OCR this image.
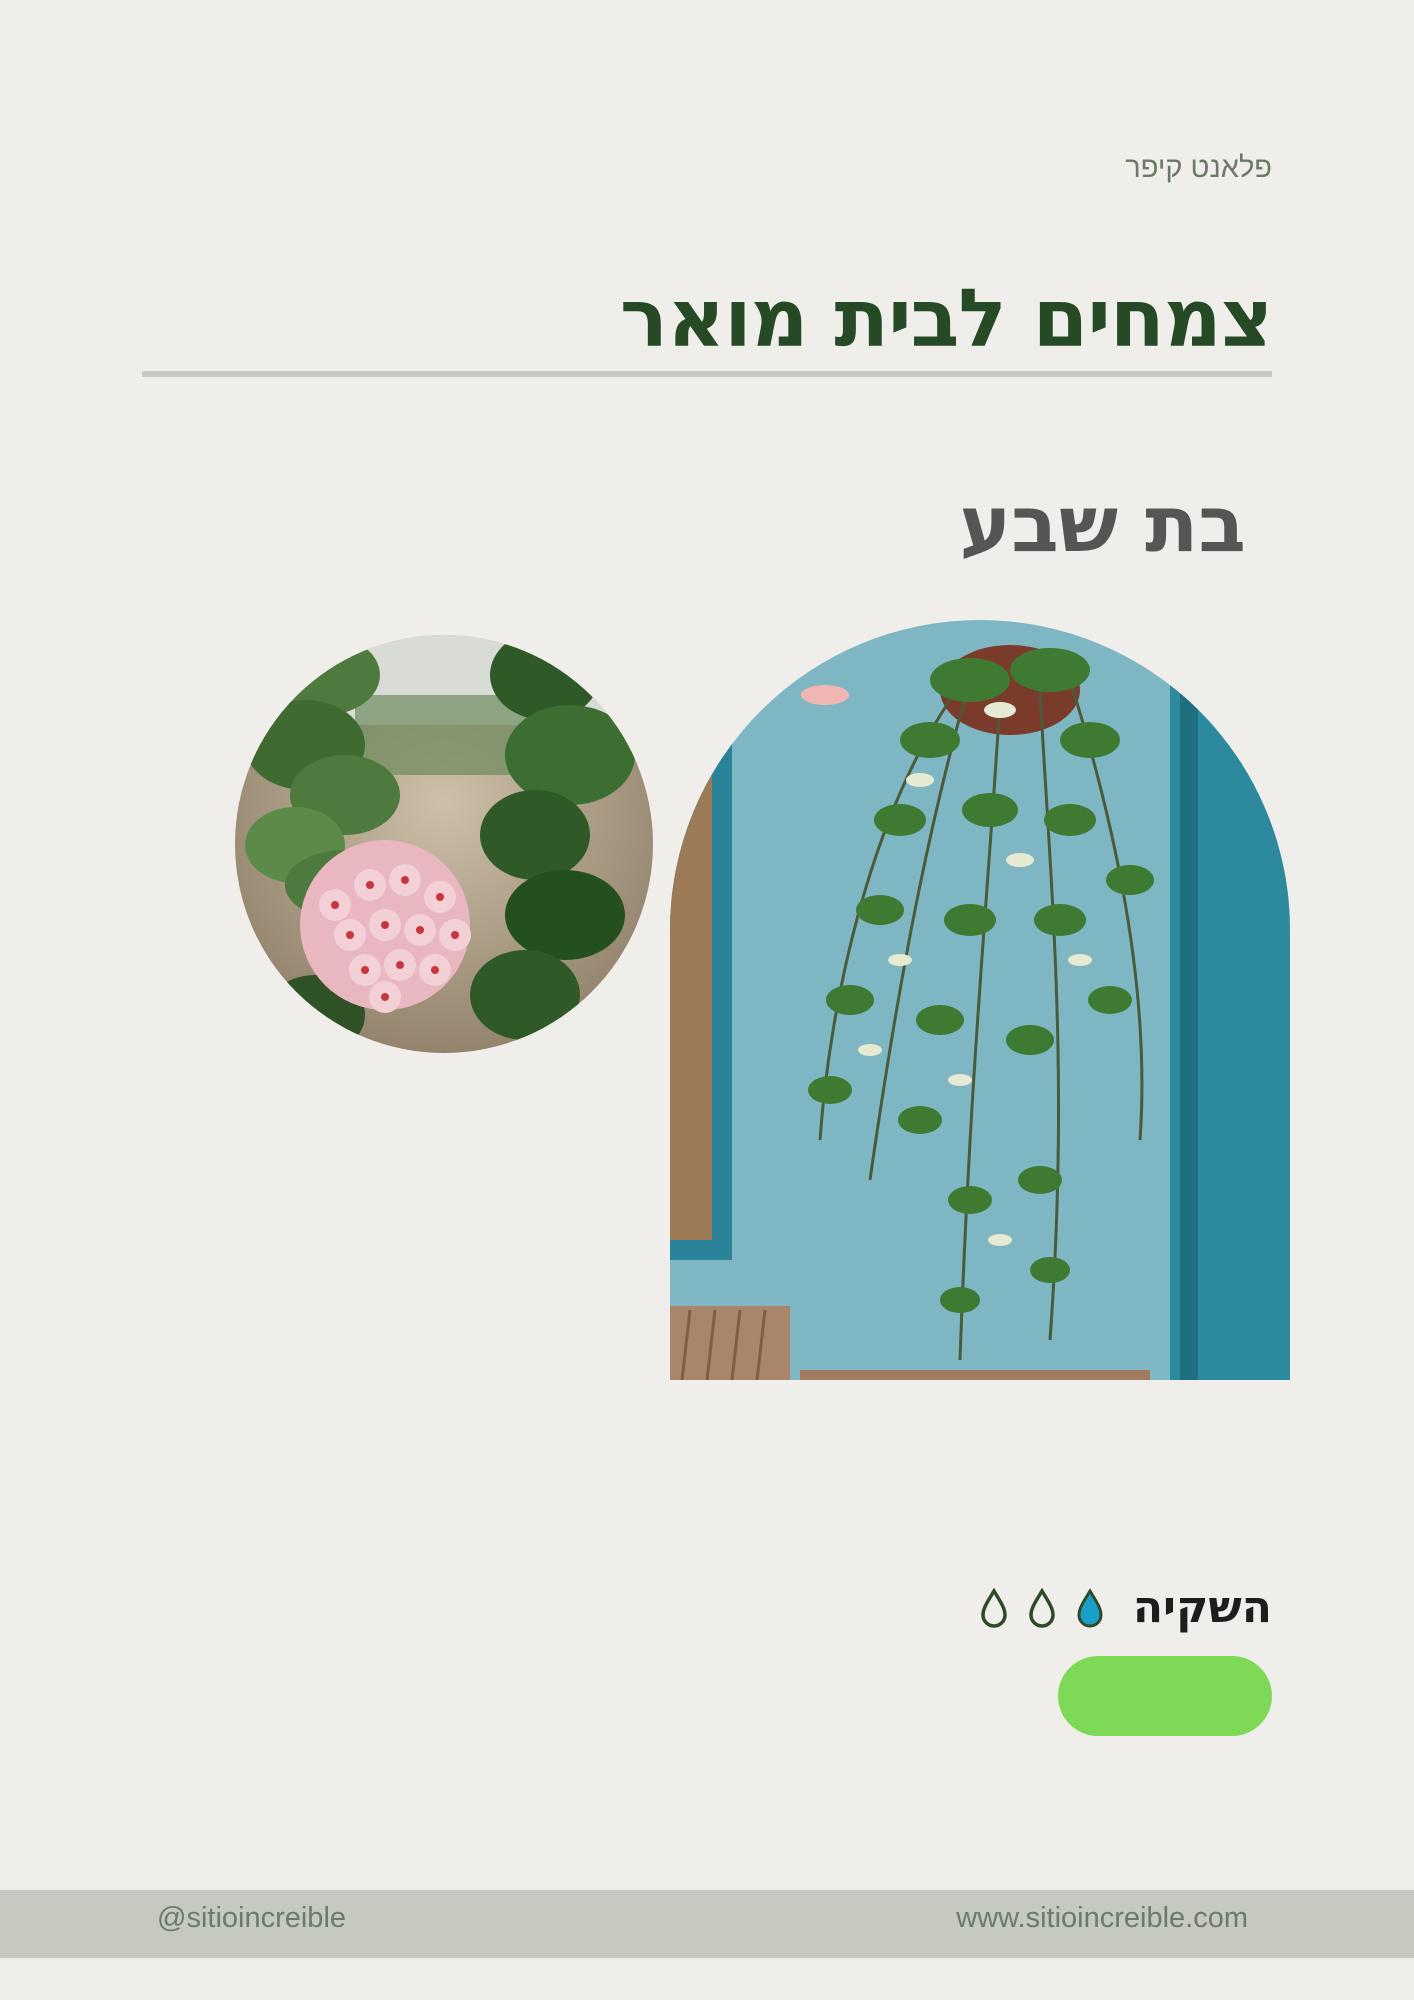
פלאנט קיפר
צמחים לבית מואר
בת שבע
השקיה
@sitioincreible	www.sitioincreible.com
